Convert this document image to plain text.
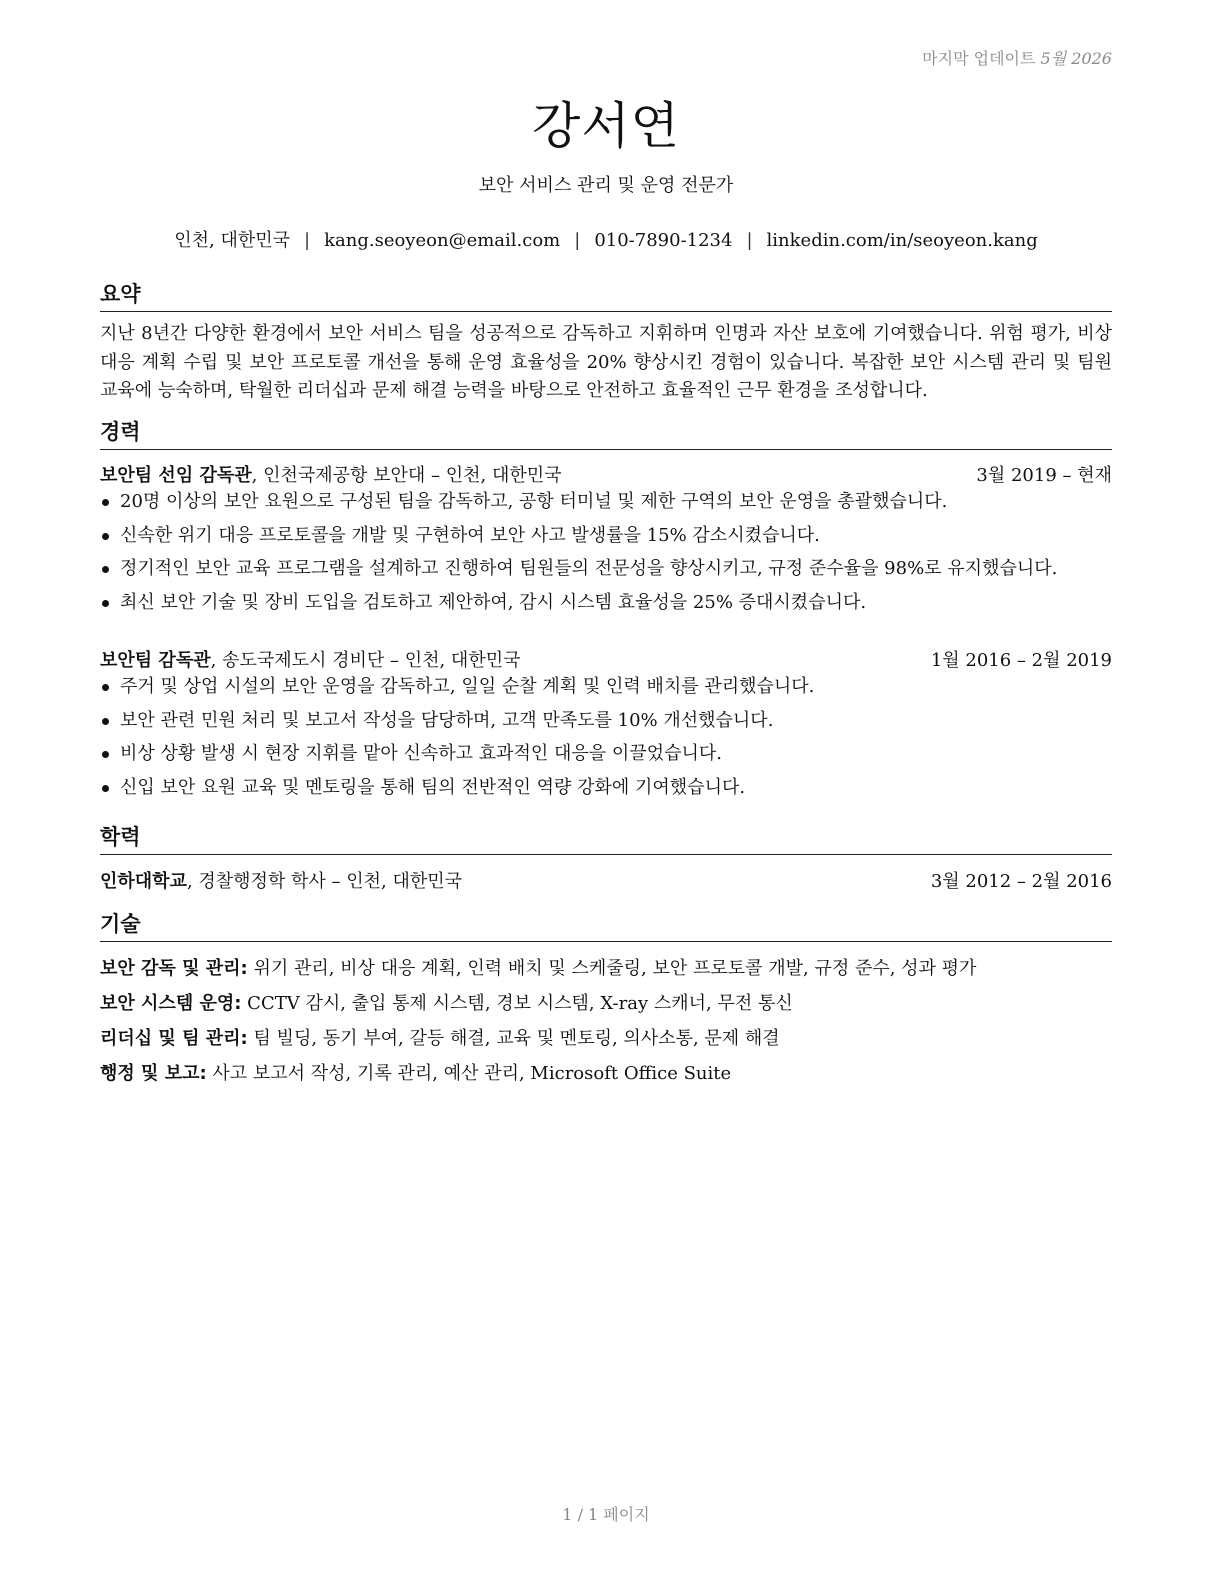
마지막 업데이트 5월 2026
강서연
보안 서비스 관리 및 운영 전문가
인천, 대한민국 | kang.seoyeon@email.com | 010-7890-1234 | linkedin.com/in/seoyeon.kang
요약
지난 8년간 다양한 환경에서 보안 서비스 팀을 성공적으로 감독하고 지휘하며 인명과 자산 보호에 기여했습니다. 위험 평가, 비상 대응 계획 수립 및 보안 프로토콜 개선을 통해 운영 효율성을 20% 향상시킨 경험이 있습니다. 복잡한 보안 시스템 관리 및 팀원 교육에 능숙하며, 탁월한 리더십과 문제 해결 능력을 바탕으로 안전하고 효율적인 근무 환경을 조성합니다.
경력
보안팀 선임 감독관, 인천국제공항 보안대 – 인천, 대한민국	3월 2019 – 현재
20명 이상의 보안 요원으로 구성된 팀을 감독하고, 공항 터미널 및 제한 구역의 보안 운영을 총괄했습니다.
신속한 위기 대응 프로토콜을 개발 및 구현하여 보안 사고 발생률을 15% 감소시켰습니다.
정기적인 보안 교육 프로그램을 설계하고 진행하여 팀원들의 전문성을 향상시키고, 규정 준수율을 98%로 유지했습니다.
최신 보안 기술 및 장비 도입을 검토하고 제안하여, 감시 시스템 효율성을 25% 증대시켰습니다.
보안팀 감독관, 송도국제도시 경비단 – 인천, 대한민국	1월 2016 – 2월 2019
주거 및 상업 시설의 보안 운영을 감독하고, 일일 순찰 계획 및 인력 배치를 관리했습니다.
보안 관련 민원 처리 및 보고서 작성을 담당하며, 고객 만족도를 10% 개선했습니다.
비상 상황 발생 시 현장 지휘를 맡아 신속하고 효과적인 대응을 이끌었습니다.
신입 보안 요원 교육 및 멘토링을 통해 팀의 전반적인 역량 강화에 기여했습니다.
학력
인하대학교, 경찰행정학 학사 – 인천, 대한민국	3월 2012 – 2월 2016
기술
보안 감독 및 관리: 위기 관리, 비상 대응 계획, 인력 배치 및 스케줄링, 보안 프로토콜 개발, 규정 준수, 성과 평가
보안 시스템 운영: CCTV 감시, 출입 통제 시스템, 경보 시스템, X-ray 스캐너, 무전 통신
리더십 및 팀 관리: 팀 빌딩, 동기 부여, 갈등 해결, 교육 및 멘토링, 의사소통, 문제 해결
행정 및 보고: 사고 보고서 작성, 기록 관리, 예산 관리, Microsoft Office Suite
1 / 1 페이지
